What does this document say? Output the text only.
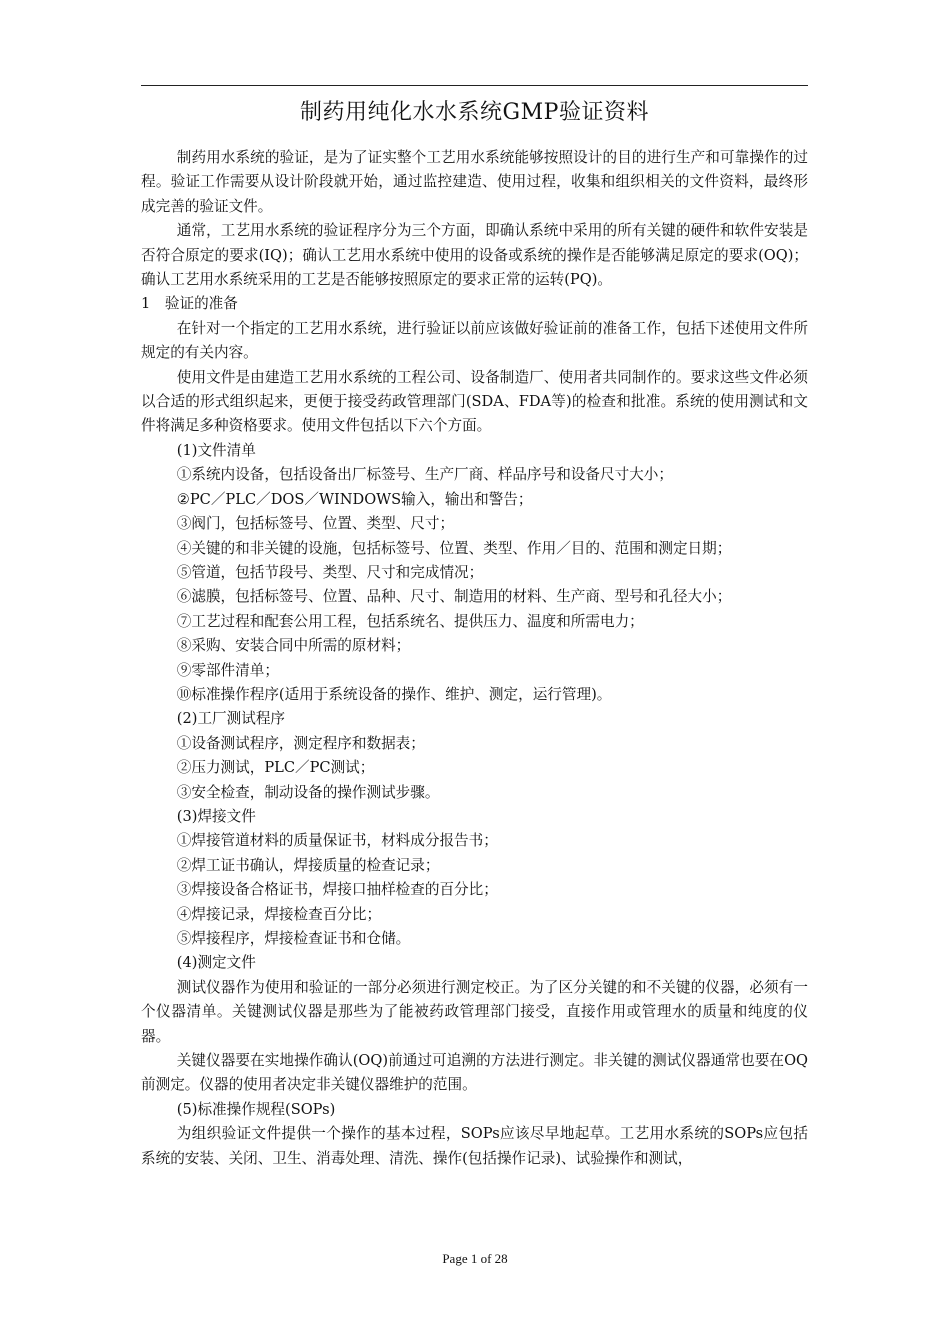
制药用纯化水水系统GMP验证资料

制药用水系统的验证，是为了证实整个工艺用水系统能够按照设计的目的进行生产和可靠操作的过程。验证工作需要从设计阶段就开始，通过监控建造、使用过程，收集和组织相关的文件资料，最终形成完善的验证文件。

通常，工艺用水系统的验证程序分为三个方面，即确认系统中采用的所有关键的硬件和软件安装是否符合原定的要求(IQ)；确认工艺用水系统中使用的设备或系统的操作是否能够满足原定的要求(OQ)；确认工艺用水系统采用的工艺是否能够按照原定的要求正常的运转(PQ)。

1　验证的准备

在针对一个指定的工艺用水系统，进行验证以前应该做好验证前的准备工作，包括下述使用文件所规定的有关内容。

使用文件是由建造工艺用水系统的工程公司、设备制造厂、使用者共同制作的。要求这些文件必须以合适的形式组织起来，更便于接受药政管理部门(SDA、FDA等)的检查和批准。系统的使用测试和文件将满足多种资格要求。使用文件包括以下六个方面。

(1)文件清单

①系统内设备，包括设备出厂标签号、生产厂商、样品序号和设备尺寸大小；

②PC／PLC／DOS／WINDOWS输入，输出和警告；

③阀门，包括标签号、位置、类型、尺寸；

④关键的和非关键的设施，包括标签号、位置、类型、作用／目的、范围和测定日期；

⑤管道，包括节段号、类型、尺寸和完成情况；

⑥滤膜，包括标签号、位置、品种、尺寸、制造用的材料、生产商、型号和孔径大小；

⑦工艺过程和配套公用工程，包括系统名、提供压力、温度和所需电力；

⑧采购、安装合同中所需的原材料；

⑨零部件清单；

⑩标准操作程序(适用于系统设备的操作、维护、测定，运行管理)。

(2)工厂测试程序

①设备测试程序，测定程序和数据表；

②压力测试，PLC／PC测试；

③安全检查，制动设备的操作测试步骤。

(3)焊接文件

①焊接管道材料的质量保证书，材料成分报告书；

②焊工证书确认，焊接质量的检查记录；

③焊接设备合格证书，焊接口抽样检查的百分比；

④焊接记录，焊接检查百分比；

⑤焊接程序，焊接检查证书和仓储。

(4)测定文件

测试仪器作为使用和验证的一部分必须进行测定校正。为了区分关键的和不关键的仪器，必须有一个仪器清单。关键测试仪器是那些为了能被药政管理部门接受，直接作用或管理水的质量和纯度的仪器。

关键仪器要在实地操作确认(OQ)前通过可追溯的方法进行测定。非关键的测试仪器通常也要在OQ前测定。仪器的使用者决定非关键仪器维护的范围。

(5)标准操作规程(SOPs)

为组织验证文件提供一个操作的基本过程，SOPs应该尽早地起草。工艺用水系统的SOPs应包括系统的安装、关闭、卫生、消毒处理、清洗、操作(包括操作记录)、试验操作和测试，

Page 1 of 28
